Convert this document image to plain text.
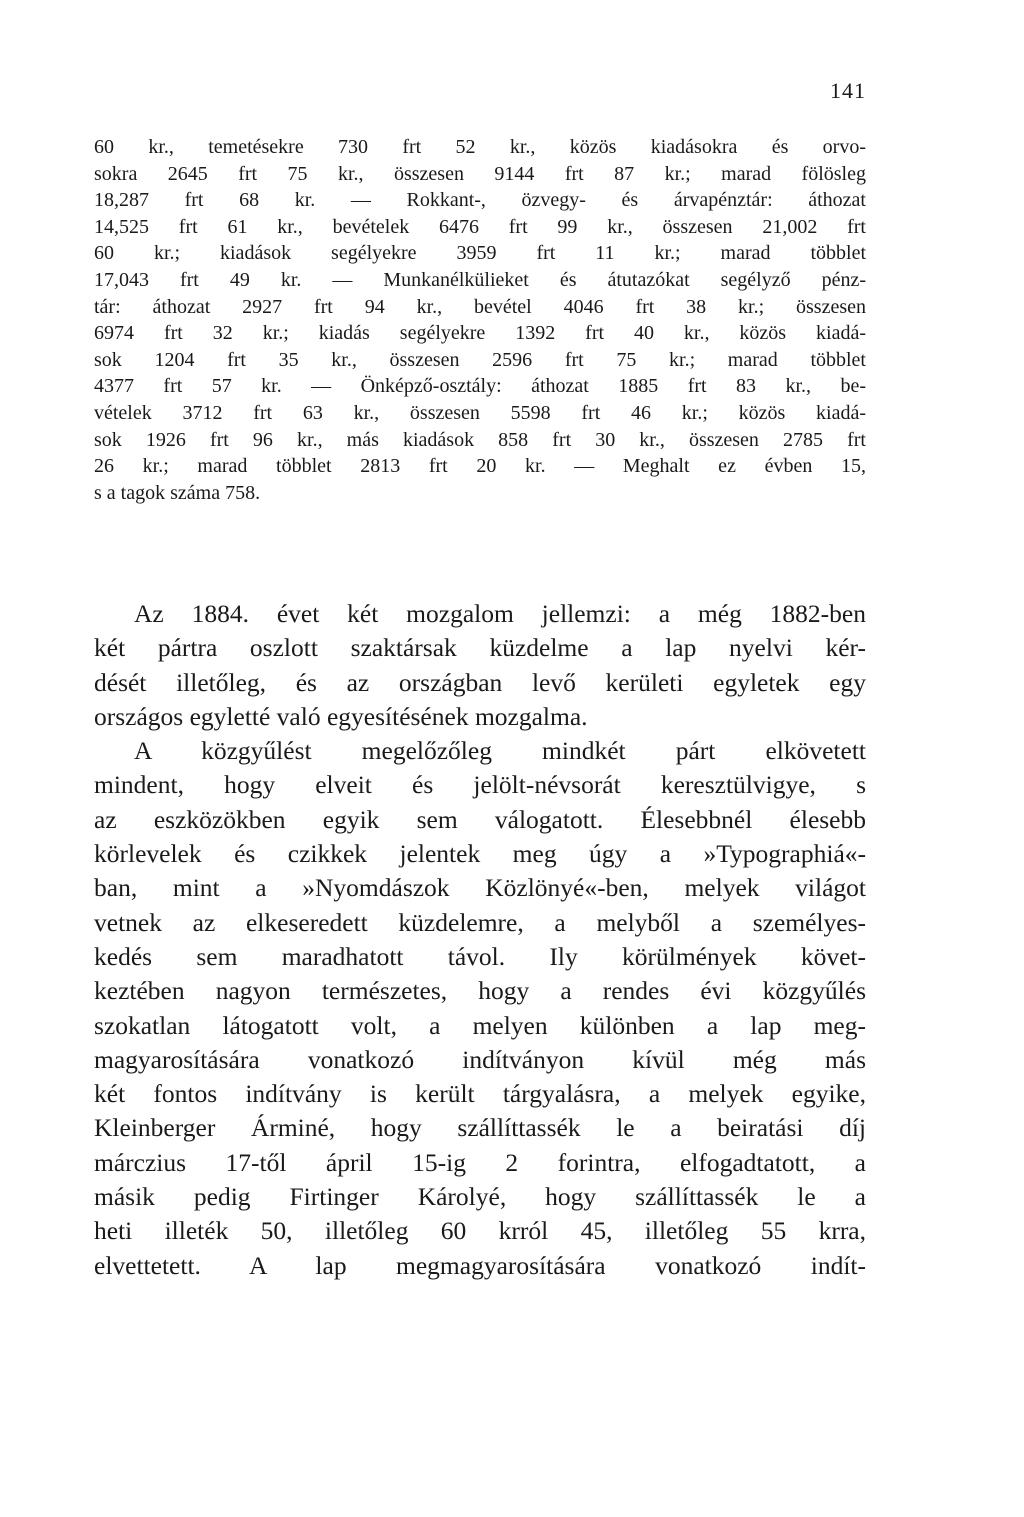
141

60 kr., temetésekre 730 frt 52 kr., közös kiadásokra és orvo-

sokra 2645 frt 75 kr., összesen 9144 frt 87 kr.; marad fölösleg

18,287 frt 68 kr. — Rokkant-, özvegy- és árvapénztár: áthozat

14,525 frt 61 kr., bevételek 6476 frt 99 kr., összesen 21,002 frt

60 kr.; kiadások segélyekre 3959 frt 11 kr.; marad többlet

17,043 frt 49 kr. — Munkanélkülieket és átutazókat segélyző pénz-

tár: áthozat 2927 frt 94 kr., bevétel 4046 frt 38 kr.; összesen

6974 frt 32 kr.; kiadás segélyekre 1392 frt 40 kr., közös kiadá-

sok 1204 frt 35 kr., összesen 2596 frt 75 kr.; marad többlet

4377 frt 57 kr. — Önképző-osztály: áthozat 1885 frt 83 kr., be-

vételek 3712 frt 63 kr., összesen 5598 frt 46 kr.; közös kiadá-

sok 1926 frt 96 kr., más kiadások 858 frt 30 kr., összesen 2785 frt

26 kr.; marad többlet 2813 frt 20 kr. — Meghalt ez évben 15,

s a tagok száma 758.

Az 1884. évet két mozgalom jellemzi: a még 1882-ben

két pártra oszlott szaktársak küzdelme a lap nyelvi kér-

dését illetőleg, és az országban levő kerületi egyletek egy

országos egyletté való egyesítésének mozgalma.

A közgyűlést megelőzőleg mindkét párt elkövetett

mindent, hogy elveit és jelölt-névsorát keresztülvigye, s

az eszközökben egyik sem válogatott. Élesebbnél élesebb

körlevelek és czikkek jelentek meg úgy a »Typographiá«-

ban, mint a »Nyomdászok Közlönyé«-ben, melyek világot

vetnek az elkeseredett küzdelemre, a melyből a személyes-

kedés sem maradhatott távol. Ily körülmények követ-

keztében nagyon természetes, hogy a rendes évi közgyűlés

szokatlan látogatott volt, a melyen különben a lap meg-

magyarosítására vonatkozó indítványon kívül még más

két fontos indítvány is került tárgyalásra, a melyek egyike,

Kleinberger Árminé, hogy szállíttassék le a beiratási díj

márczius 17-től ápril 15-ig 2 forintra, elfogadtatott, a

másik pedig Firtinger Károlyé, hogy szállíttassék le a

heti illeték 50, illetőleg 60 krról 45, illetőleg 55 krra,

elvettetett. A lap megmagyarosítására vonatkozó indít-
